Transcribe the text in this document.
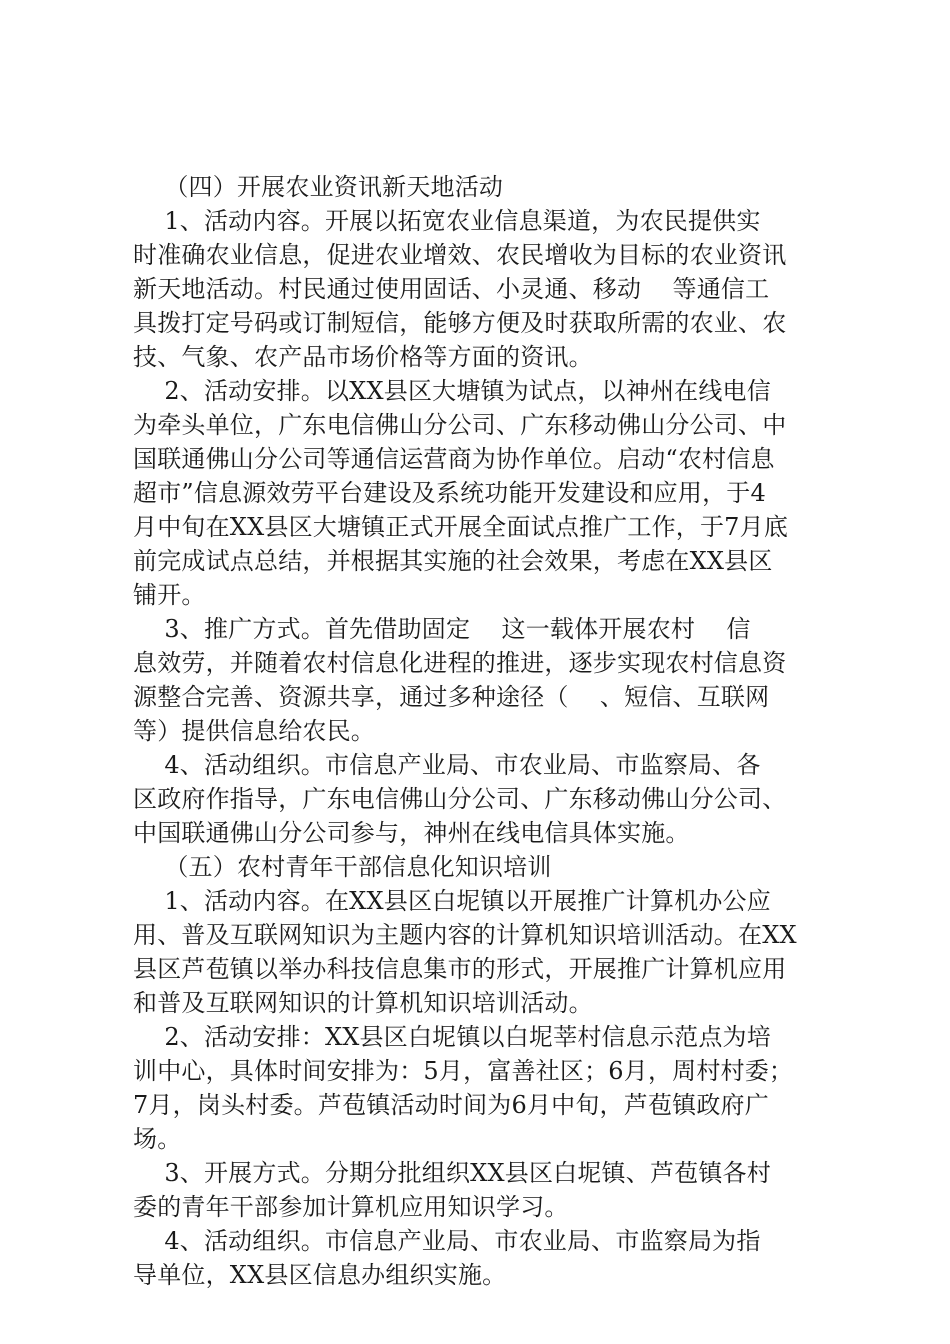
（四）开展农业资讯新天地活动
1、活动内容。开展以拓宽农业信息渠道，为农民提供实
时准确农业信息，促进农业增效、农民增收为目标的农业资讯
新天地活动。村民通过使用固话、小灵通、移动    等通信工
具拨打定号码或订制短信，能够方便及时获取所需的农业、农
技、气象、农产品市场价格等方面的资讯。
2、活动安排。以XX县区大塘镇为试点，以神州在线电信
为牵头单位，广东电信佛山分公司、广东移动佛山分公司、中
国联通佛山分公司等通信运营商为协作单位。启动“农村信息
超市”信息源效劳平台建设及系统功能开发建设和应用，于4
月中旬在XX县区大塘镇正式开展全面试点推广工作，于7月底
前完成试点总结，并根据其实施的社会效果，考虑在XX县区
铺开。
3、推广方式。首先借助固定    这一载体开展农村    信
息效劳，并随着农村信息化进程的推进，逐步实现农村信息资
源整合完善、资源共享，通过多种途径（    、短信、互联网
等）提供信息给农民。
4、活动组织。市信息产业局、市农业局、市监察局、各
区政府作指导，广东电信佛山分公司、广东移动佛山分公司、
中国联通佛山分公司参与，神州在线电信具体实施。
（五）农村青年干部信息化知识培训
1、活动内容。在XX县区白坭镇以开展推广计算机办公应
用、普及互联网知识为主题内容的计算机知识培训活动。在XX
县区芦苞镇以举办科技信息集市的形式，开展推广计算机应用
和普及互联网知识的计算机知识培训活动。
2、活动安排：XX县区白坭镇以白坭莘村信息示范点为培
训中心，具体时间安排为：5月，富善社区；6月，周村村委；
7月，岗头村委。芦苞镇活动时间为6月中旬，芦苞镇政府广
场。
3、开展方式。分期分批组织XX县区白坭镇、芦苞镇各村
委的青年干部参加计算机应用知识学习。
4、活动组织。市信息产业局、市农业局、市监察局为指
导单位，XX县区信息办组织实施。
